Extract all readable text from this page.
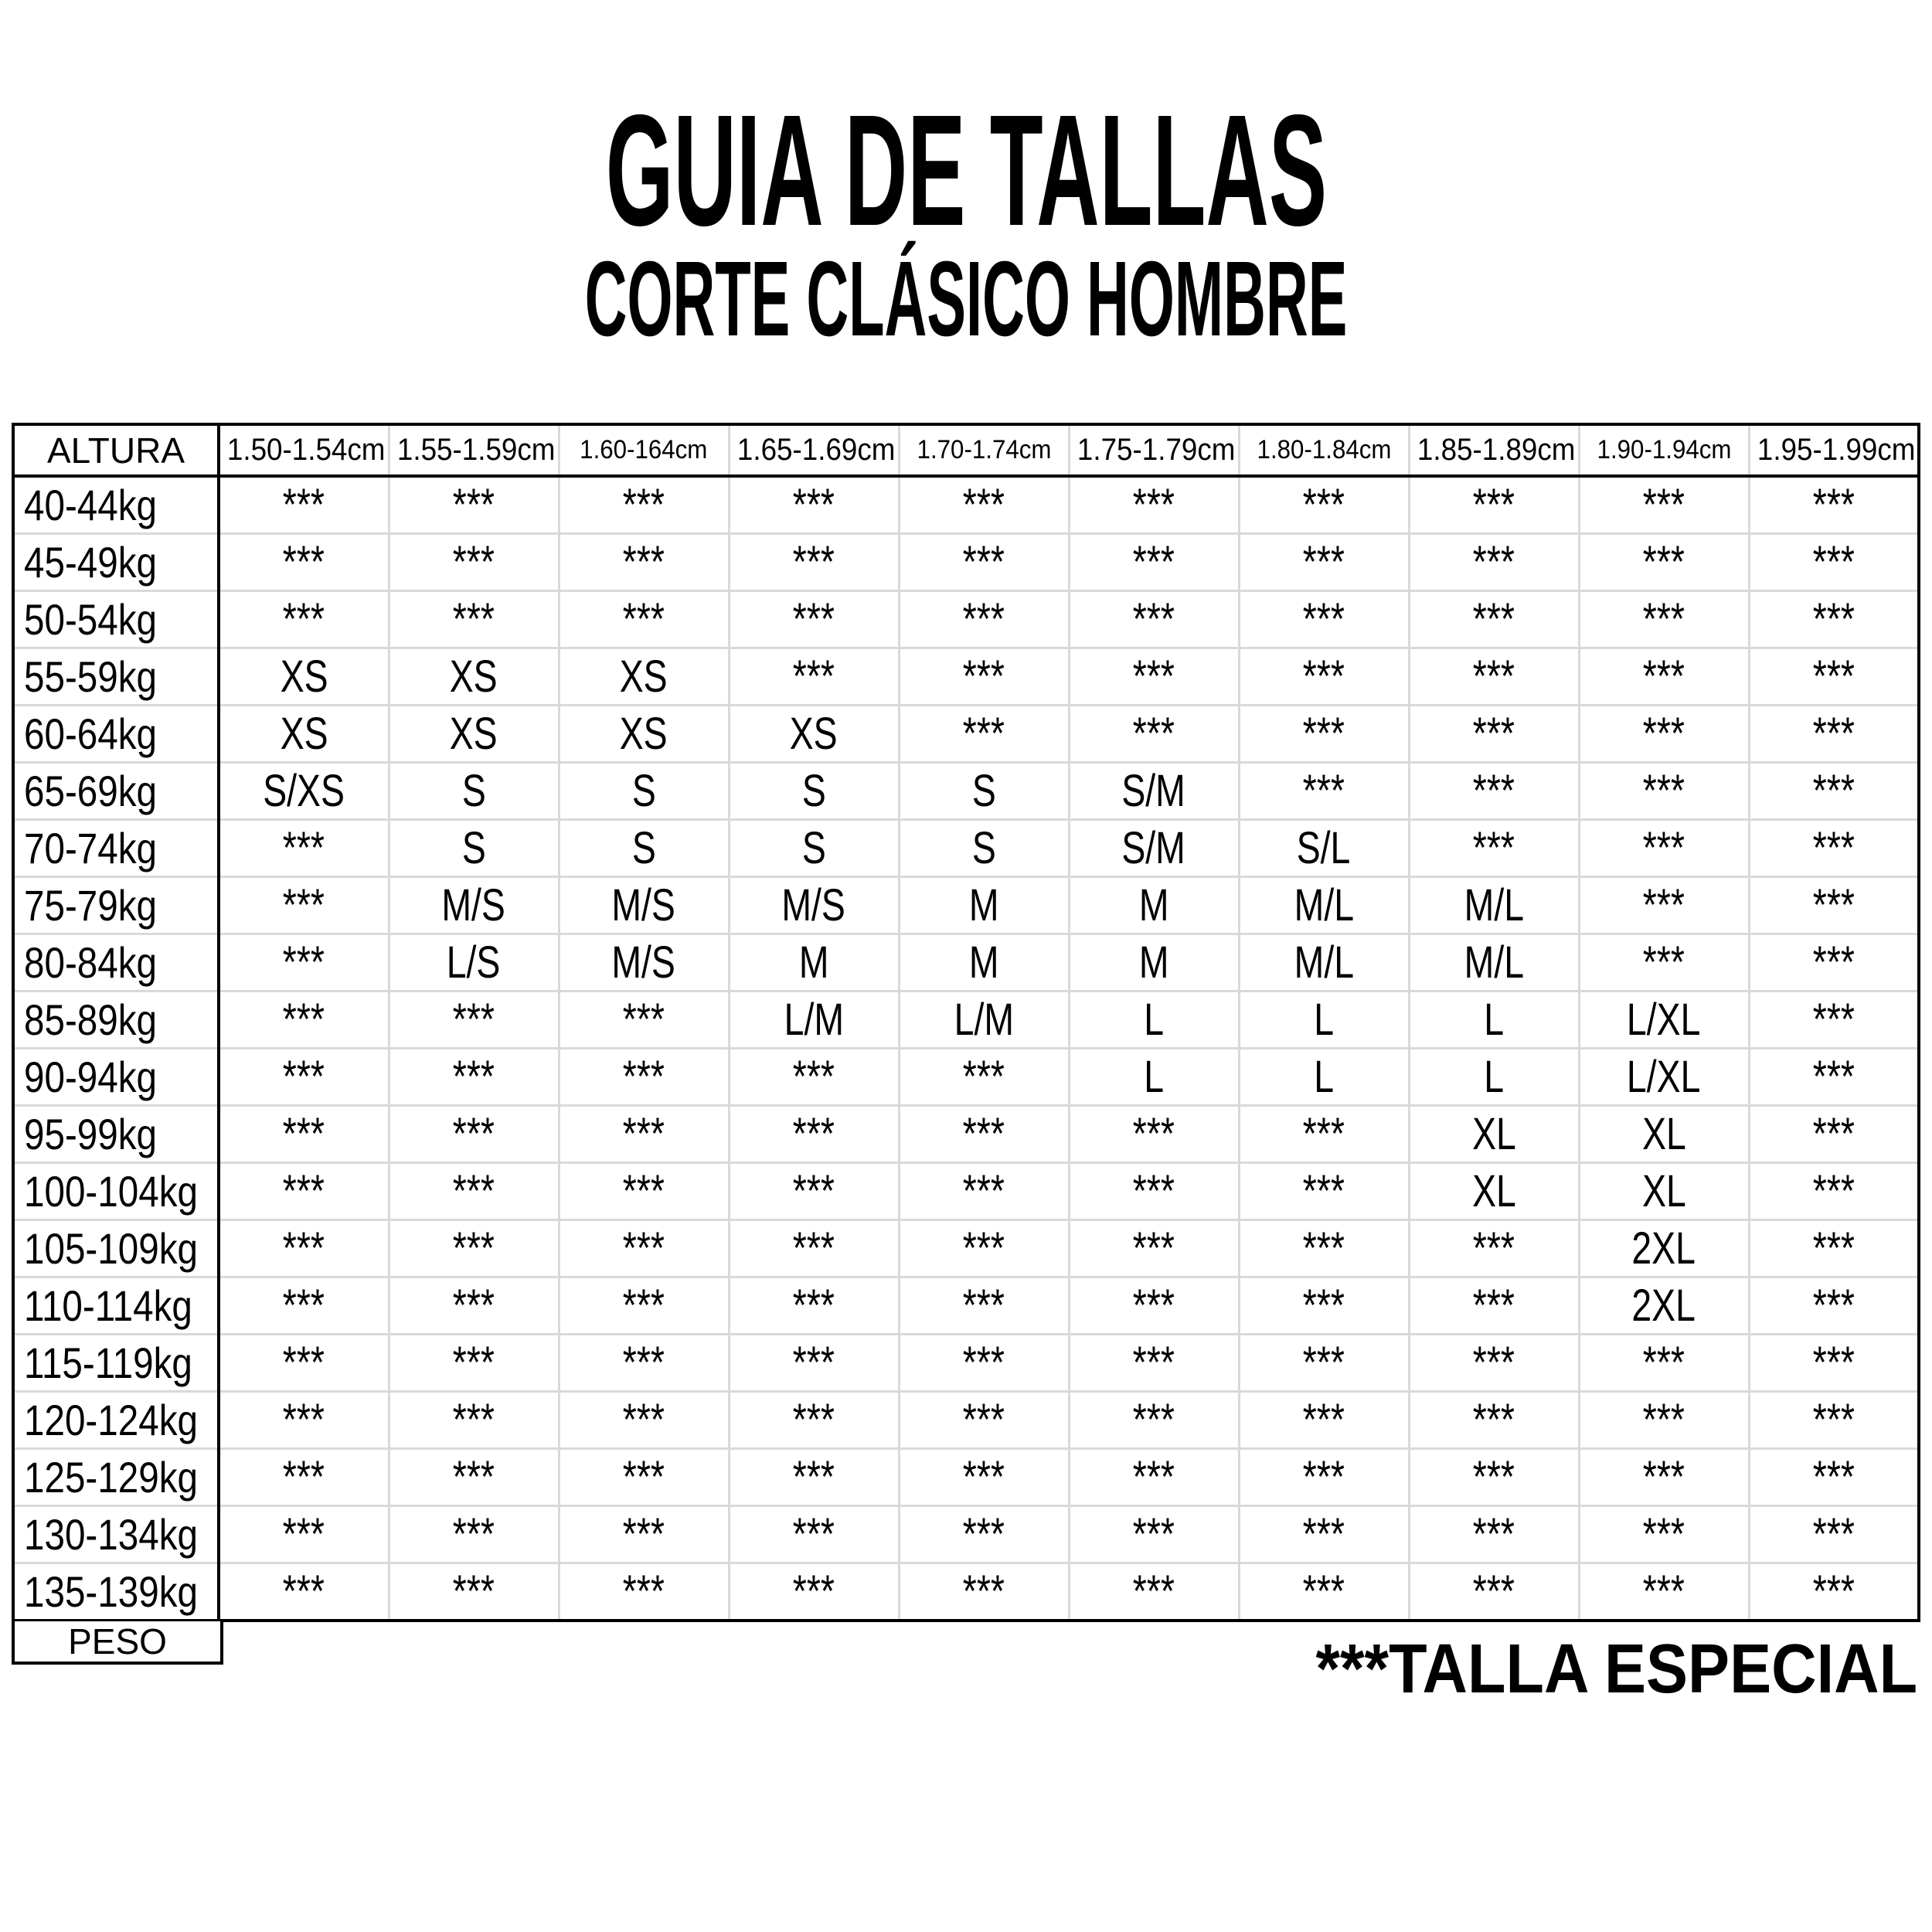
GUIA DE TALLAS
CORTE CLÁSICO HOMBRE
ALTURA	1.50-1.54cm	1.55-1.59cm	1.60-164cm	1.65-1.69cm	1.70-1.74cm	1.75-1.79cm	1.80-1.84cm	1.85-1.89cm	1.90-1.94cm	1.95-1.99cm
40-44kg	***	***	***	***	***	***	***	***	***	***
45-49kg	***	***	***	***	***	***	***	***	***	***
50-54kg	***	***	***	***	***	***	***	***	***	***
55-59kg	XS	XS	XS	***	***	***	***	***	***	***
60-64kg	XS	XS	XS	XS	***	***	***	***	***	***
65-69kg	S/XS	S	S	S	S	S/M	***	***	***	***
70-74kg	***	S	S	S	S	S/M	S/L	***	***	***
75-79kg	***	M/S	M/S	M/S	M	M	M/L	M/L	***	***
80-84kg	***	L/S	M/S	M	M	M	M/L	M/L	***	***
85-89kg	***	***	***	L/M	L/M	L	L	L	L/XL	***
90-94kg	***	***	***	***	***	L	L	L	L/XL	***
95-99kg	***	***	***	***	***	***	***	XL	XL	***
100-104kg	***	***	***	***	***	***	***	XL	XL	***
105-109kg	***	***	***	***	***	***	***	***	2XL	***
110-114kg	***	***	***	***	***	***	***	***	2XL	***
115-119kg	***	***	***	***	***	***	***	***	***	***
120-124kg	***	***	***	***	***	***	***	***	***	***
125-129kg	***	***	***	***	***	***	***	***	***	***
130-134kg	***	***	***	***	***	***	***	***	***	***
135-139kg	***	***	***	***	***	***	***	***	***	***
PESO	***TALLA ESPECIAL
